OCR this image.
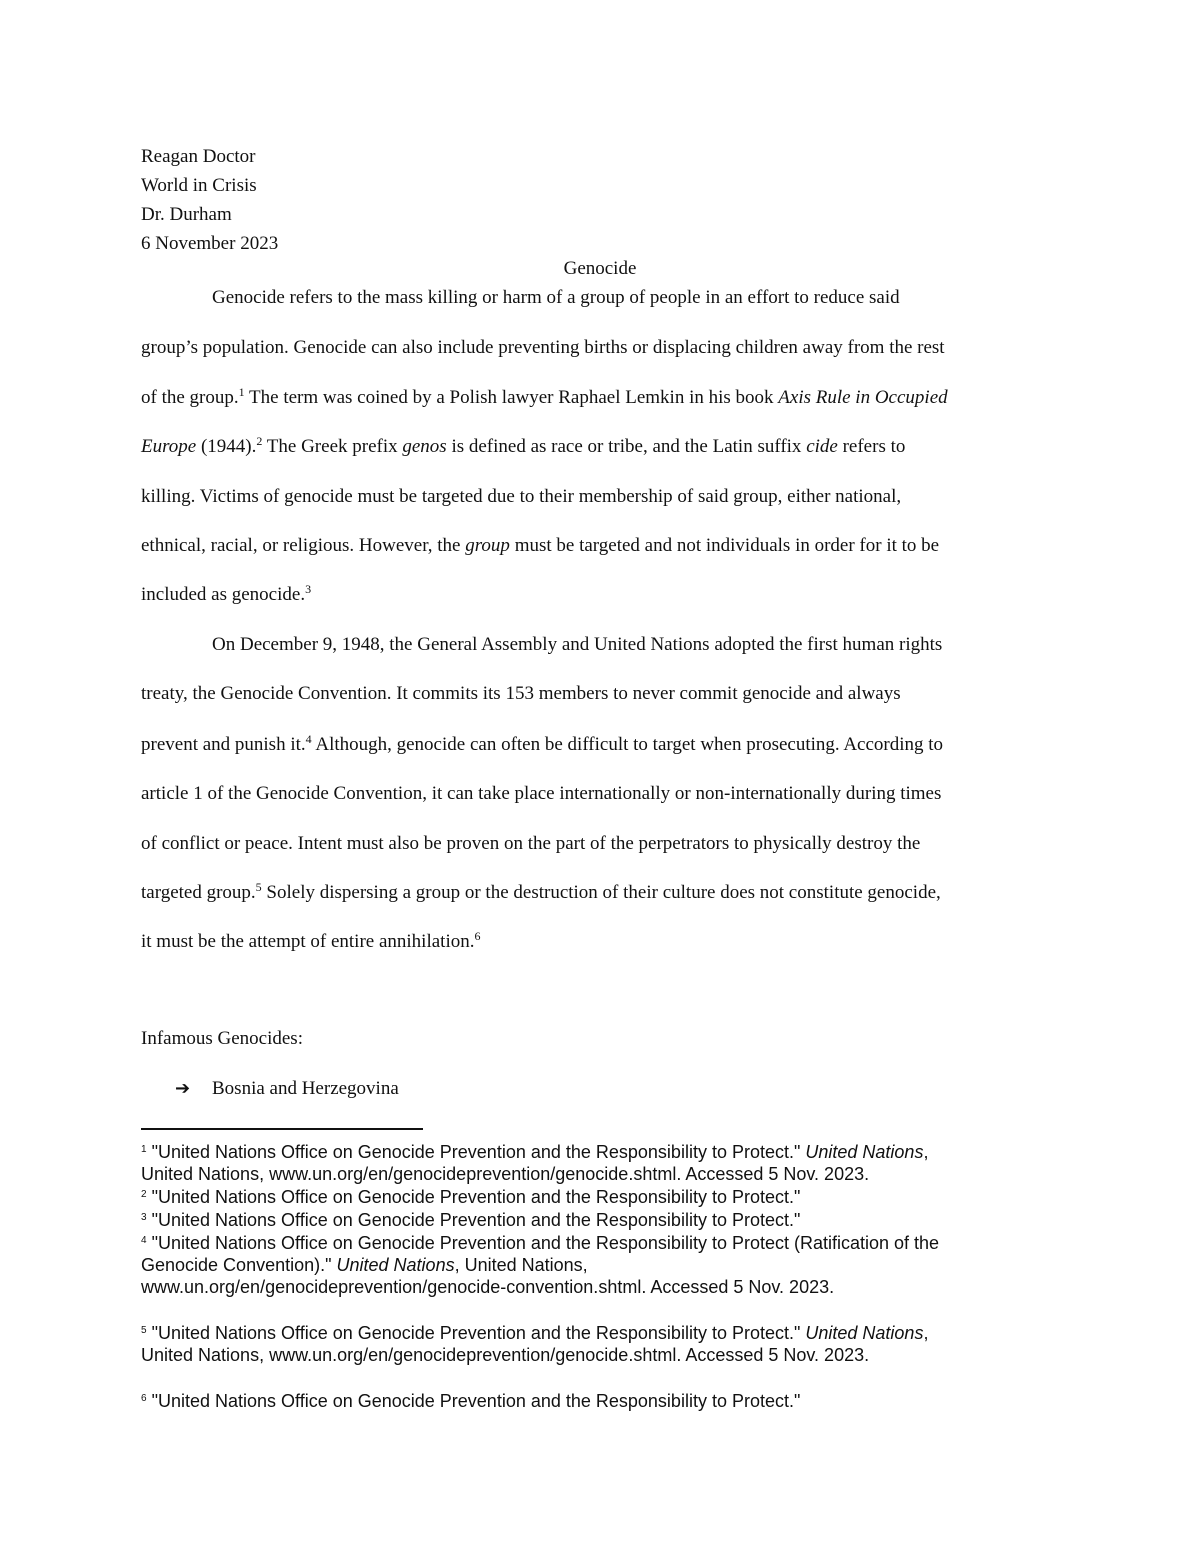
Reagan Doctor
World in Crisis
Dr. Durham
6 November 2023
Genocide
Genocide refers to the mass killing or harm of a group of people in an effort to reduce said
group’s population. Genocide can also include preventing births or displacing children away from the rest
of the group.$^1$ The term was coined by a Polish lawyer Raphael Lemkin in his book Axis Rule in Occupied
Europe (1944).$^2$ The Greek prefix genos is defined as race or tribe, and the Latin suffix cide refers to
killing. Victims of genocide must be targeted due to their membership of said group, either national,
ethnical, racial, or religious. However, the group must be targeted and not individuals in order for it to be
included as genocide.$^3$
On December 9, 1948, the General Assembly and United Nations adopted the first human rights
treaty, the Genocide Convention. It commits its 153 members to never commit genocide and always
prevent and punish it.$^4$ Although, genocide can often be difficult to target when prosecuting. According to
article 1 of the Genocide Convention, it can take place internationally or non-internationally during times
of conflict or peace. Intent must also be proven on the part of the perpetrators to physically destroy the
targeted group.$^5$ Solely dispersing a group or the destruction of their culture does not constitute genocide,
it must be the attempt of entire annihilation.$^6$
Infamous Genocides:
➔ Bosnia and Herzegovina
$^1$ "United Nations Office on Genocide Prevention and the Responsibility to Protect." United Nations,
United Nations, www.un.org/en/genocideprevention/genocide.shtml. Accessed 5 Nov. 2023.
$^2$ "United Nations Office on Genocide Prevention and the Responsibility to Protect."
$^3$ "United Nations Office on Genocide Prevention and the Responsibility to Protect."
$^4$ "United Nations Office on Genocide Prevention and the Responsibility to Protect (Ratification of the
Genocide Convention)." United Nations, United Nations,
www.un.org/en/genocideprevention/genocide-convention.shtml. Accessed 5 Nov. 2023.
$^5$ "United Nations Office on Genocide Prevention and the Responsibility to Protect." United Nations,
United Nations, www.un.org/en/genocideprevention/genocide.shtml. Accessed 5 Nov. 2023.
$^6$ "United Nations Office on Genocide Prevention and the Responsibility to Protect."
